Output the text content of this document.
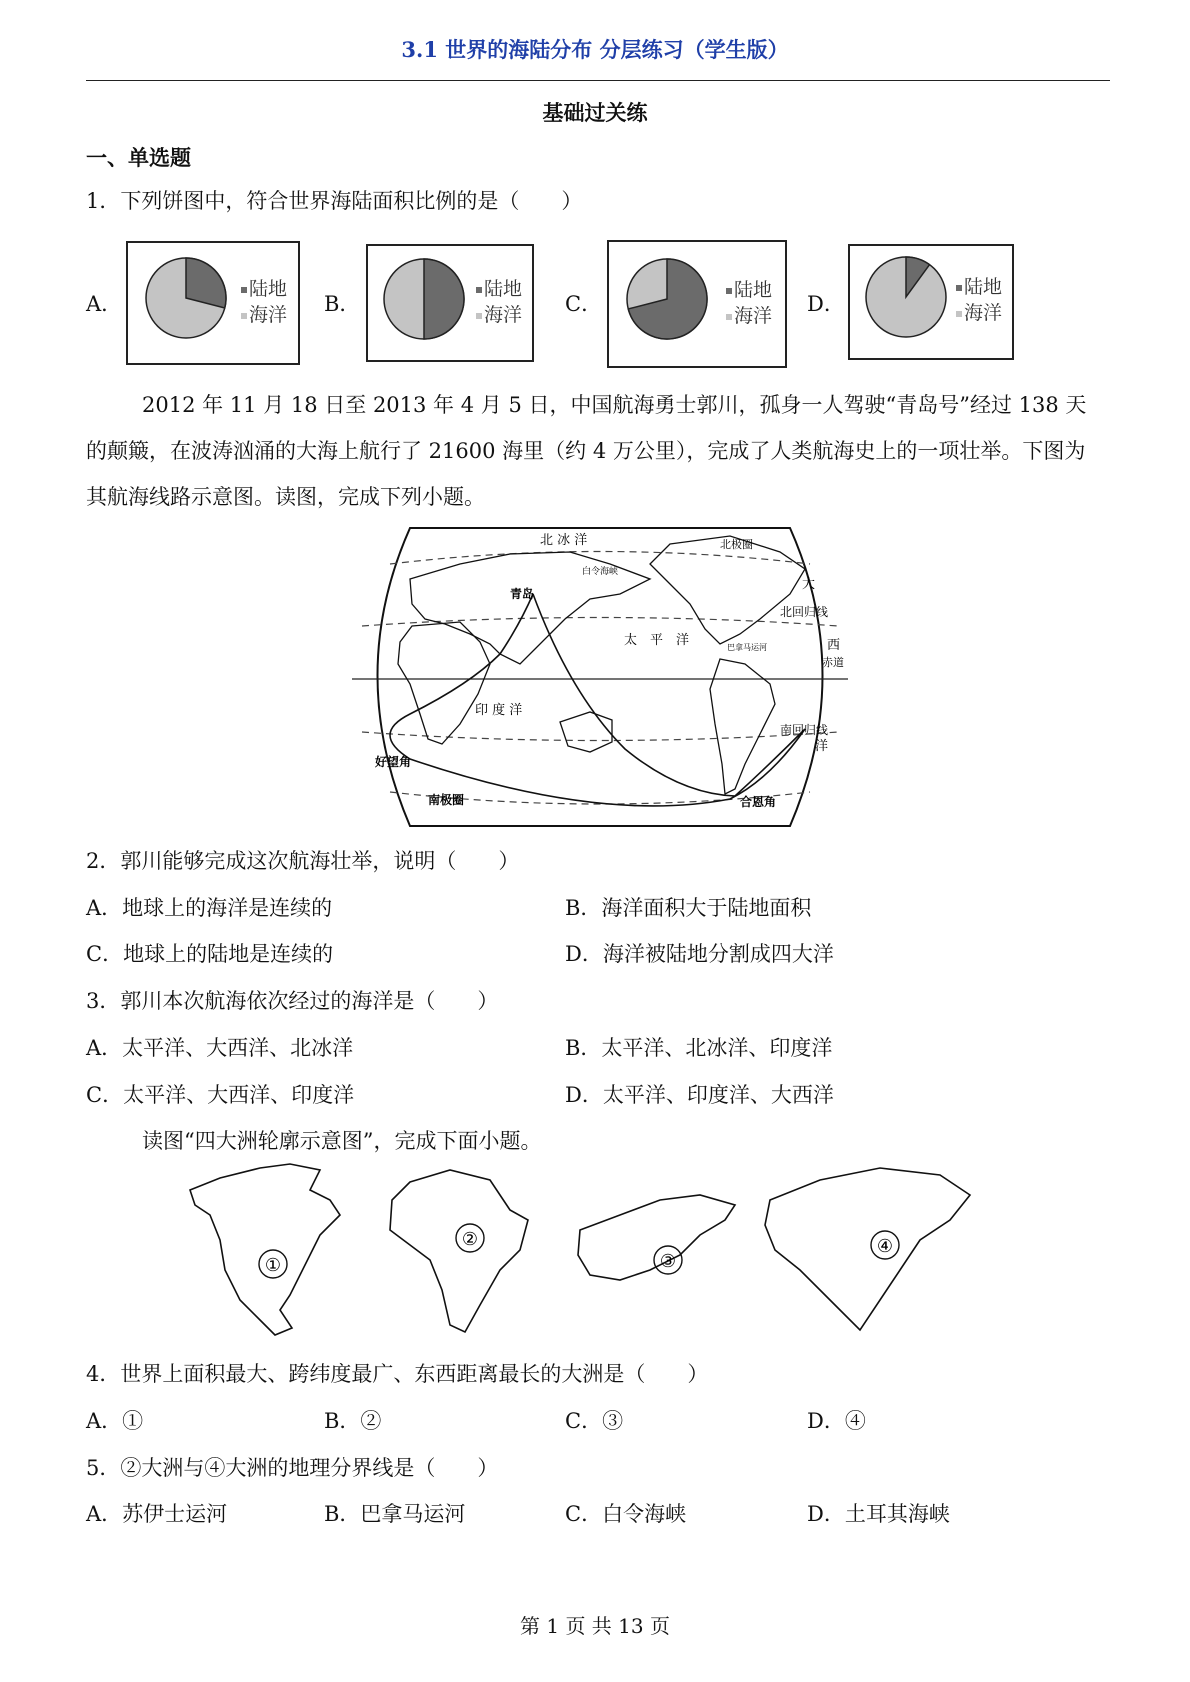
3.1 世界的海陆分布 分层练习（学生版）
基础过关练
一、单选题
1．下列饼图中，符合世界海陆面积比例的是（　　）
A．
陆地
海洋 B．
陆地
海洋 C．
陆地
海洋 D．
陆地
海洋
2012 年 11 月 18 日至 2013 年 4 月 5 日，中国航海勇士郭川，孤身一人驾驶“青岛号”经过 138 天的颠簸，在波涛汹涌的大海上航行了 21600 海里（约 4 万公里），完成了人类航海史上的一项壮举。下图为其航海线路示意图。读图，完成下列小题。
北 冰 洋
青岛
白令海峡
北极圈
大
北回归线
太　平　洋	巴拿马运河	西
赤道
印 度 洋
南回归线
洋
好望角
南极圈	合恩角
2．郭川能够完成这次航海壮举，说明（　　）
A．地球上的海洋是连续的	B．海洋面积大于陆地面积
C．地球上的陆地是连续的	D．海洋被陆地分割成四大洋
3．郭川本次航海依次经过的海洋是（　　）
A．太平洋、大西洋、北冰洋	B．太平洋、北冰洋、印度洋
C．太平洋、大西洋、印度洋	D．太平洋、印度洋、大西洋
读图“四大洲轮廓示意图”，完成下面小题。
①
②
③
④
4．世界上面积最大、跨纬度最广、东西距离最长的大洲是（　　）
A．①	B．②	C．③	D．④
5．②大洲与④大洲的地理分界线是（　　）
A．苏伊士运河	B．巴拿马运河	C．白令海峡	D．土耳其海峡
第 1 页 共 13 页
